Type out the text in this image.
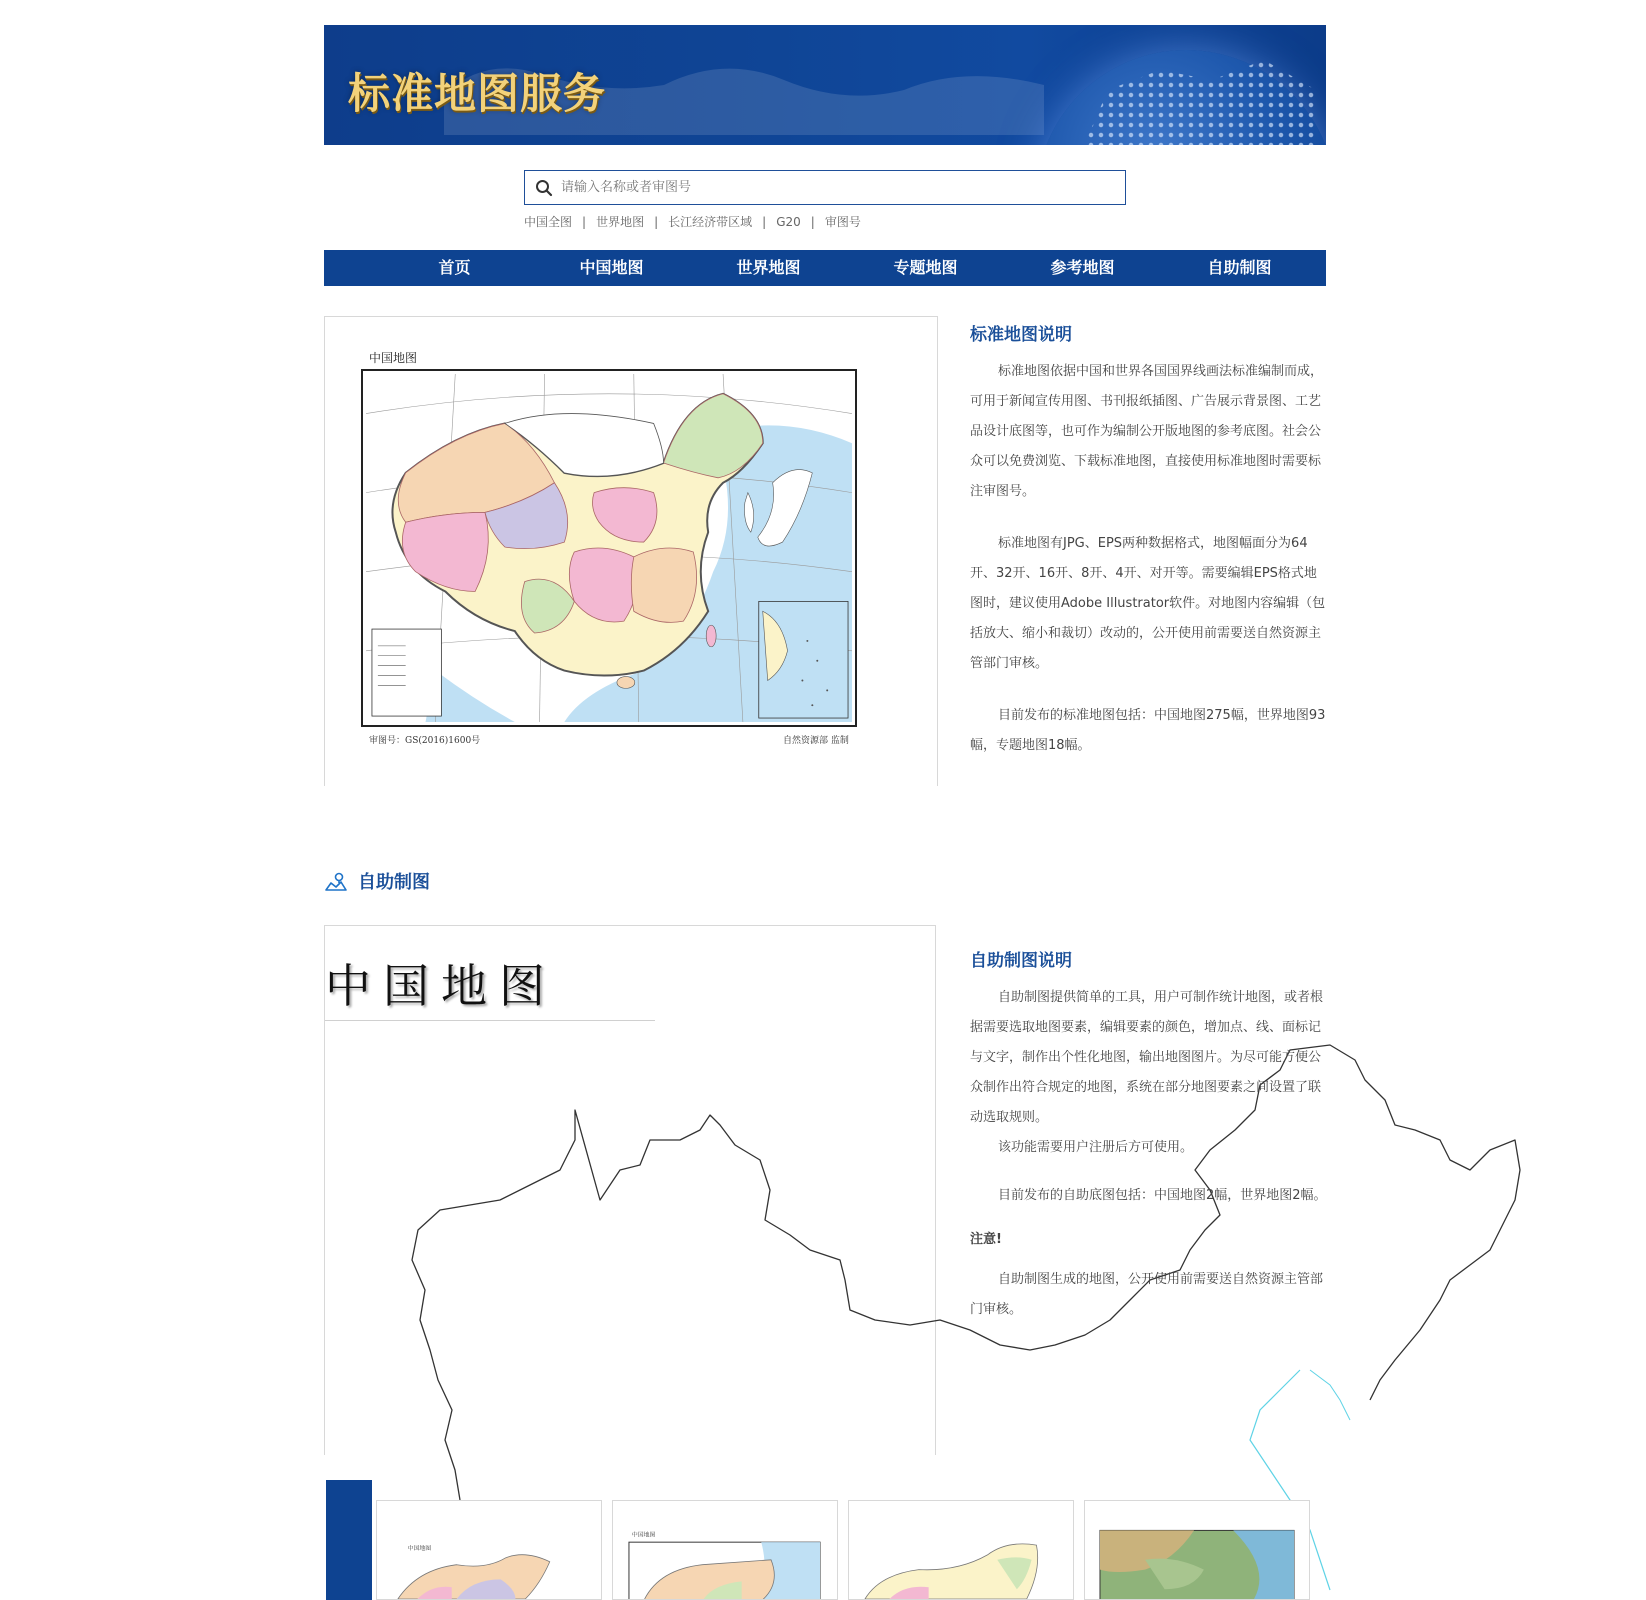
标准地图服务
请输入名称或者审图号
中国全图 | 世界地图 | 长江经济带区域 | G20 | 审图号
首页	中国地图	世界地图	专题地图	参考地图	自助制图
中国地图
审图号：GS(2016)1600号	自然资源部 监制
标准地图说明

标准地图依据中国和世界各国国界线画法标准编制而成，可用于新闻宣传用图、书刊报纸插图、广告展示背景图、工艺品设计底图等，也可作为编制公开版地图的参考底图。社会公众可以免费浏览、下载标准地图，直接使用标准地图时需要标注审图号。

标准地图有JPG、EPS两种数据格式，地图幅面分为64开、32开、16开、8开、4开、对开等。需要编辑EPS格式地图时，建议使用Adobe Illustrator软件。对地图内容编辑（包括放大、缩小和裁切）改动的，公开使用前需要送自然资源主管部门审核。

目前发布的标准地图包括：中国地图275幅，世界地图93幅，专题地图18幅。

自助制图
中国地图	自助制图说明

自助制图提供简单的工具，用户可制作统计地图，或者根据需要选取地图要素，编辑要素的颜色，增加点、线、面标记与文字，制作出个性化地图，输出地图图片。为尽可能方便公众制作出符合规定的地图，系统在部分地图要素之间设置了联动选取规则。

该功能需要用户注册后方可使用。

目前发布的自助底图包括：中国地图2幅，世界地图2幅。

注意!

自助制图生成的地图，公开使用前需要送自然资源主管部门审核。

中国地图
中国地图
